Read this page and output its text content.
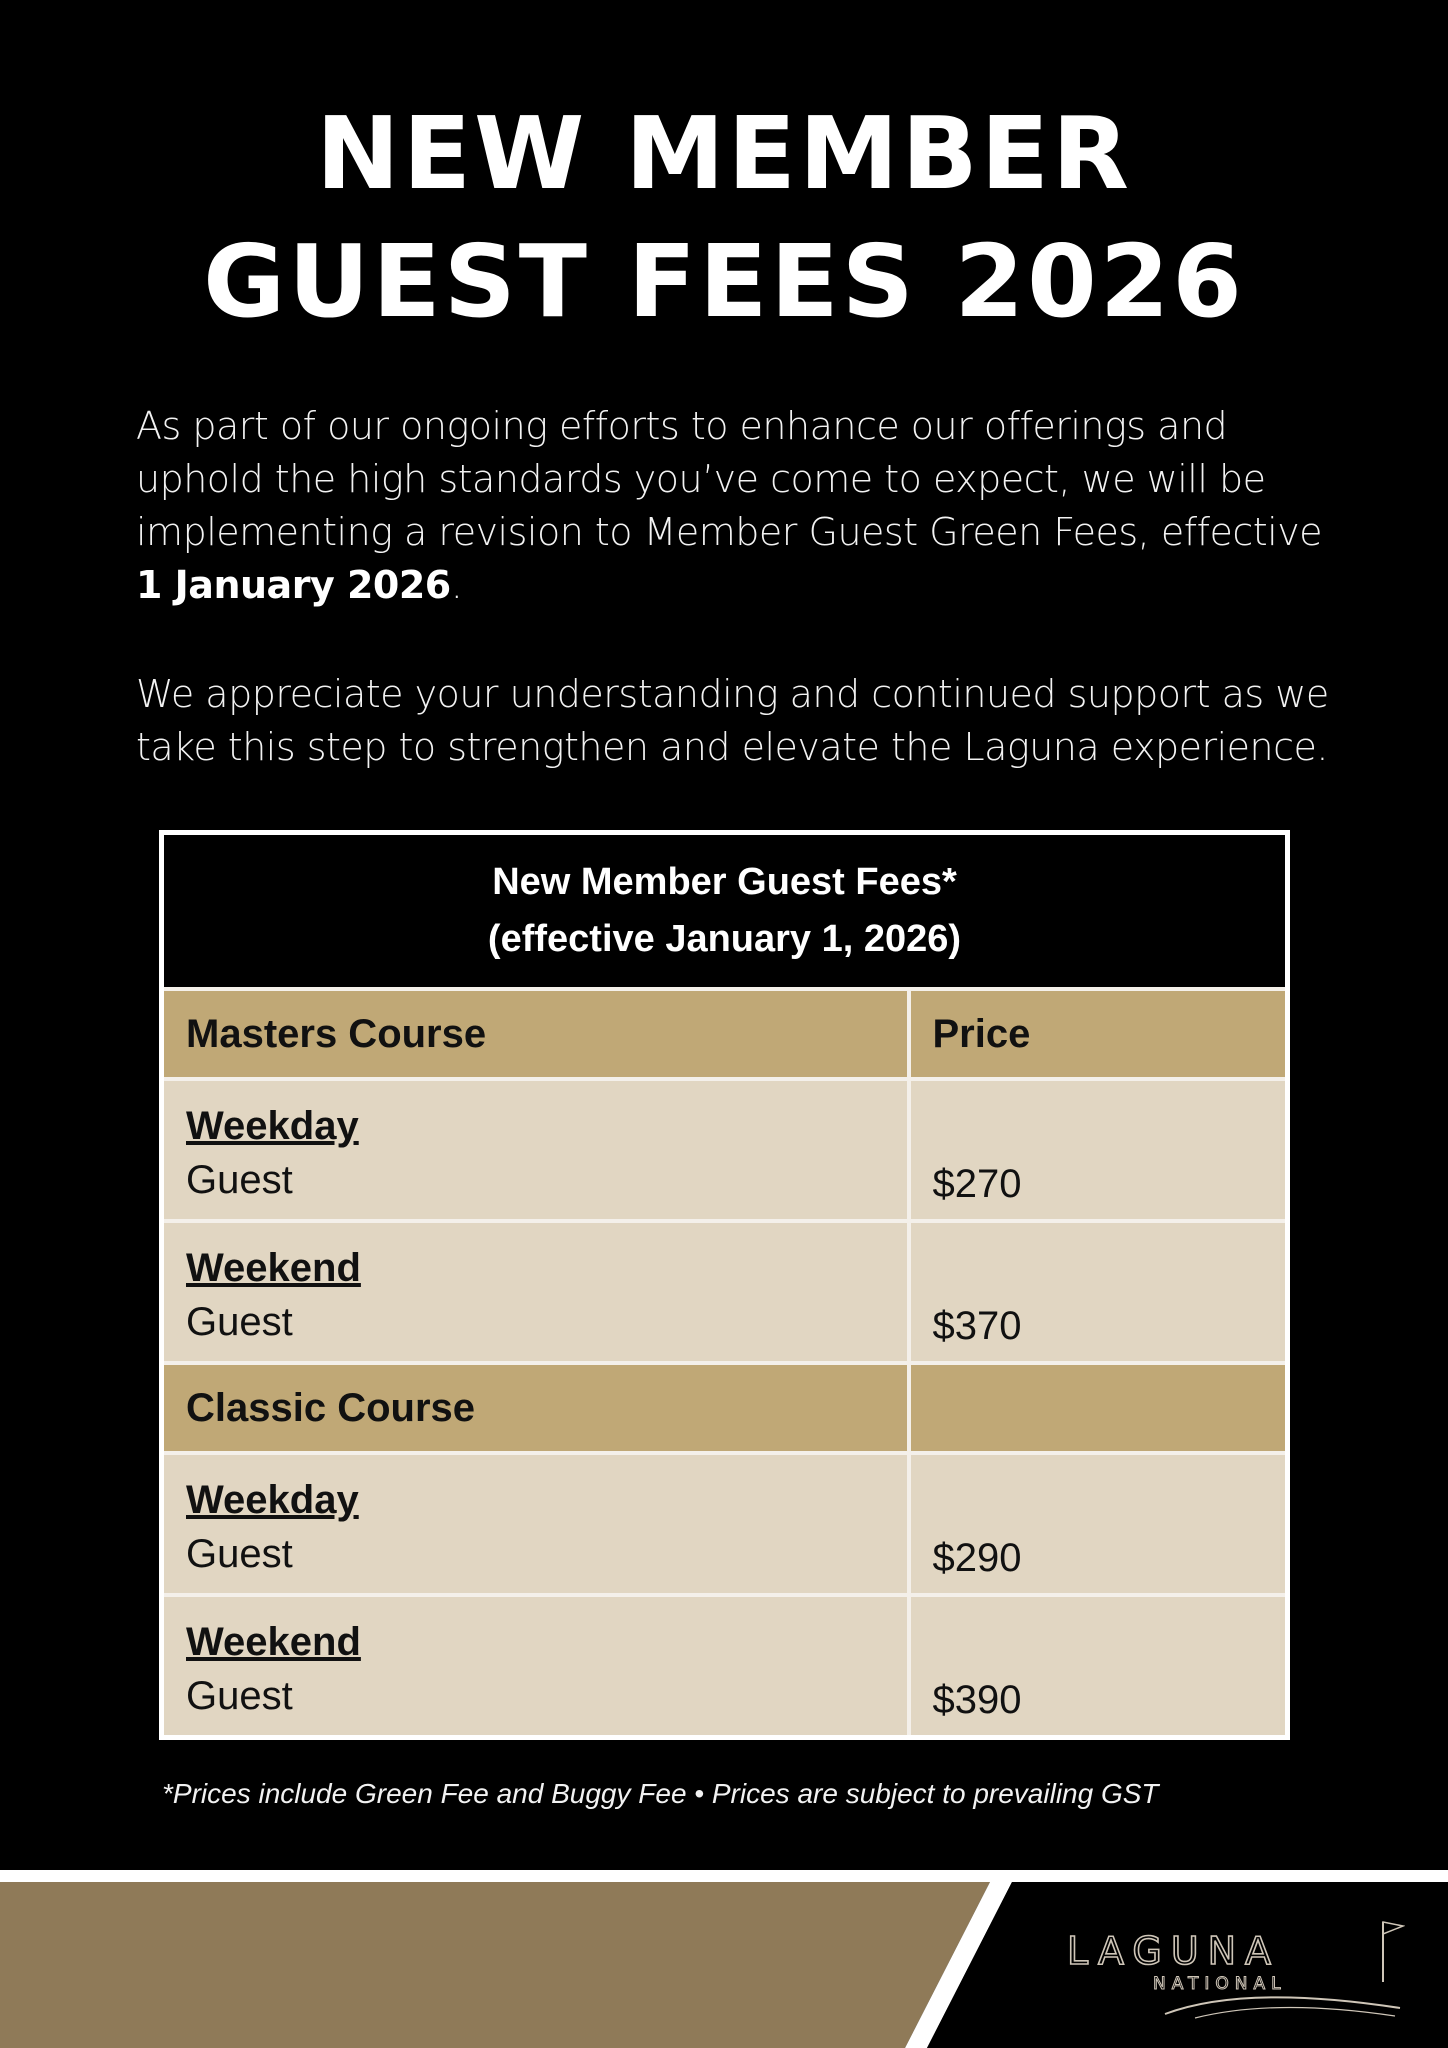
NEW MEMBER
GUEST FEES 2026

As part of our ongoing efforts to enhance our offerings and uphold the high standards you’ve come to expect, we will be implementing a revision to Member Guest Green Fees, effective 1 January 2026.

We appreciate your understanding and continued support as we take this step to strengthen and elevate the Laguna experience.

New Member Guest Fees*
(effective January 1, 2026)	

Masters Course	Price

Weekday
Guest	$270

Weekend
Guest	$370

Classic Course	

Weekday
Guest	$290

Weekend
Guest	$390
*Prices include Green Fee and Buggy Fee • Prices are subject to prevailing GST
LAGUNA
NATIONAL
